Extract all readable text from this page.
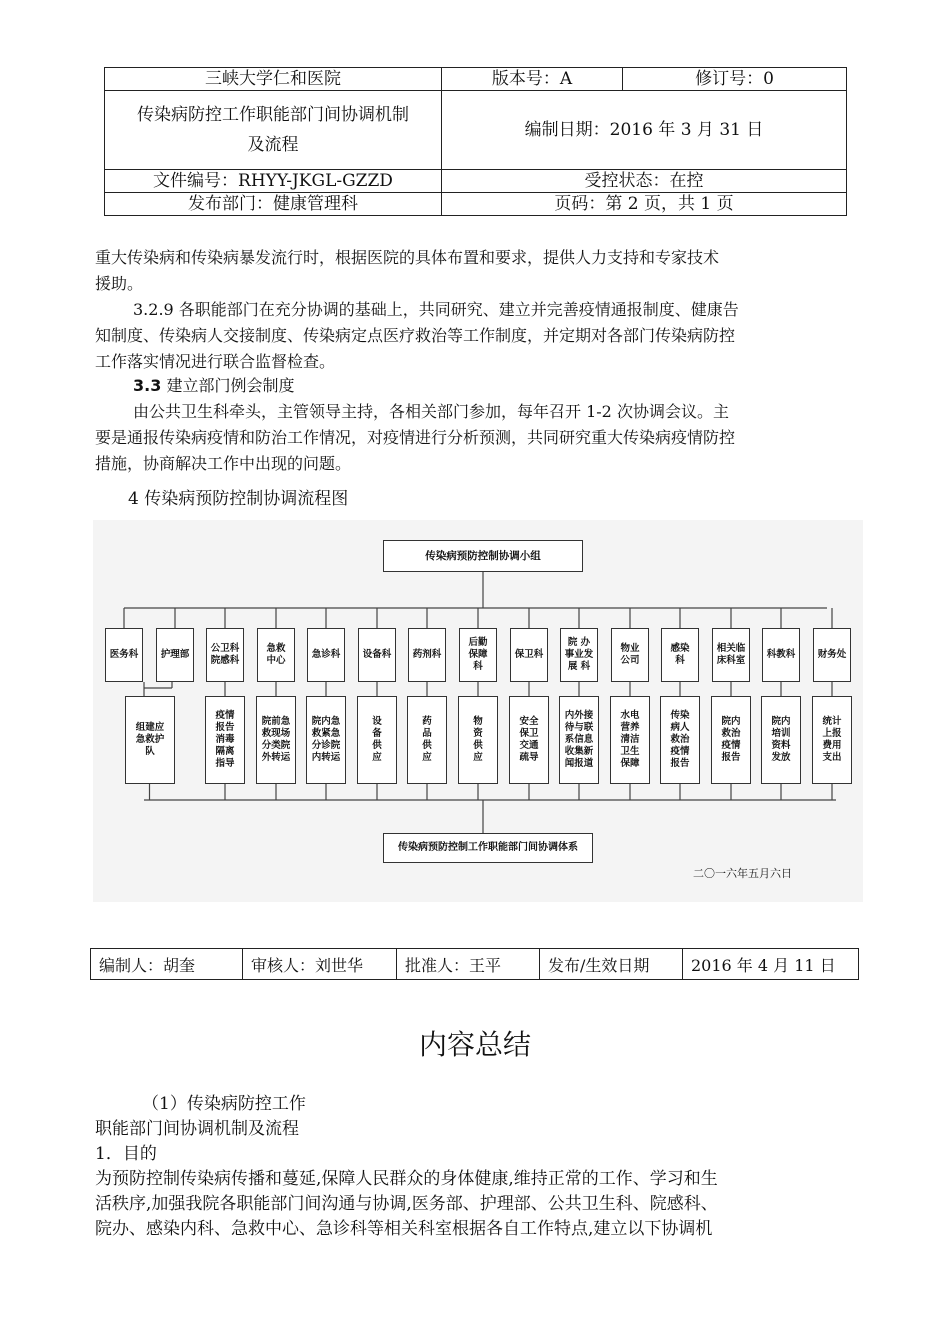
三峡大学仁和医院	版本号：A	修订号：0
传染病防控工作职能部门间协调机制
及流程	编制日期：2016 年 3 月 31 日	
文件编号：RHYY-JKGL-GZZD	受控状态：在控	
发布部门：健康管理科	页码：第 2 页，共 1 页	
重大传染病和传染病暴发流行时，根据医院的具体布置和要求，提供人力支持和专家技术
援助。
3.2.9 各职能部门在充分协调的基础上，共同研究、建立并完善疫情通报制度、健康告
知制度、传染病人交接制度、传染病定点医疗救治等工作制度，并定期对各部门传染病防控
工作落实情况进行联合监督检查。
3.3 建立部门例会制度
由公共卫生科牵头，主管领导主持，各相关部门参加，每年召开 1-2 次协调会议。主
要是通报传染病疫情和防治工作情况，对疫情进行分析预测，共同研究重大传染病疫情防控
措施，协商解决工作中出现的问题。
4 传染病预防控制协调流程图
传染病预防控制协调小组
医务科	护理部
公卫科
院感科
急救
中心
急诊科	设备科	药剂科
后勤
保障
科
保卫科
院 办
事业发
展 科
物业
公司
感染
科
相关临
床科室
科教科	财务处
组建应
急救护
队
疫情
报告
消毒
隔离
指导
院前急
救现场
分类院
外转运
院内急
救紧急
分诊院
内转运
设
备
供
应
药
品
供
应
物
资
供
应
安全
保卫
交通
疏导
内外接
待与联
系信息
收集新
闻报道
水电
营养
清洁
卫生
保障
传染
病人
救治
疫情
报告
院内
救治
疫情
报告
院内
培训
资料
发放
统计
上报
费用
支出
传染病预防控制工作职能部门间协调体系
二〇一六年五月六日
编制人：胡奎	审核人：刘世华	批准人：王平	发布/生效日期	2016 年 4 月 11 日
内容总结
（1）传染病防控工作
职能部门间协调机制及流程
1．目的
为预防控制传染病传播和蔓延,保障人民群众的身体健康,维持正常的工作、学习和生
活秩序,加强我院各职能部门间沟通与协调,医务部、护理部、公共卫生科、院感科、
院办、感染内科、急救中心、急诊科等相关科室根据各自工作特点,建立以下协调机
